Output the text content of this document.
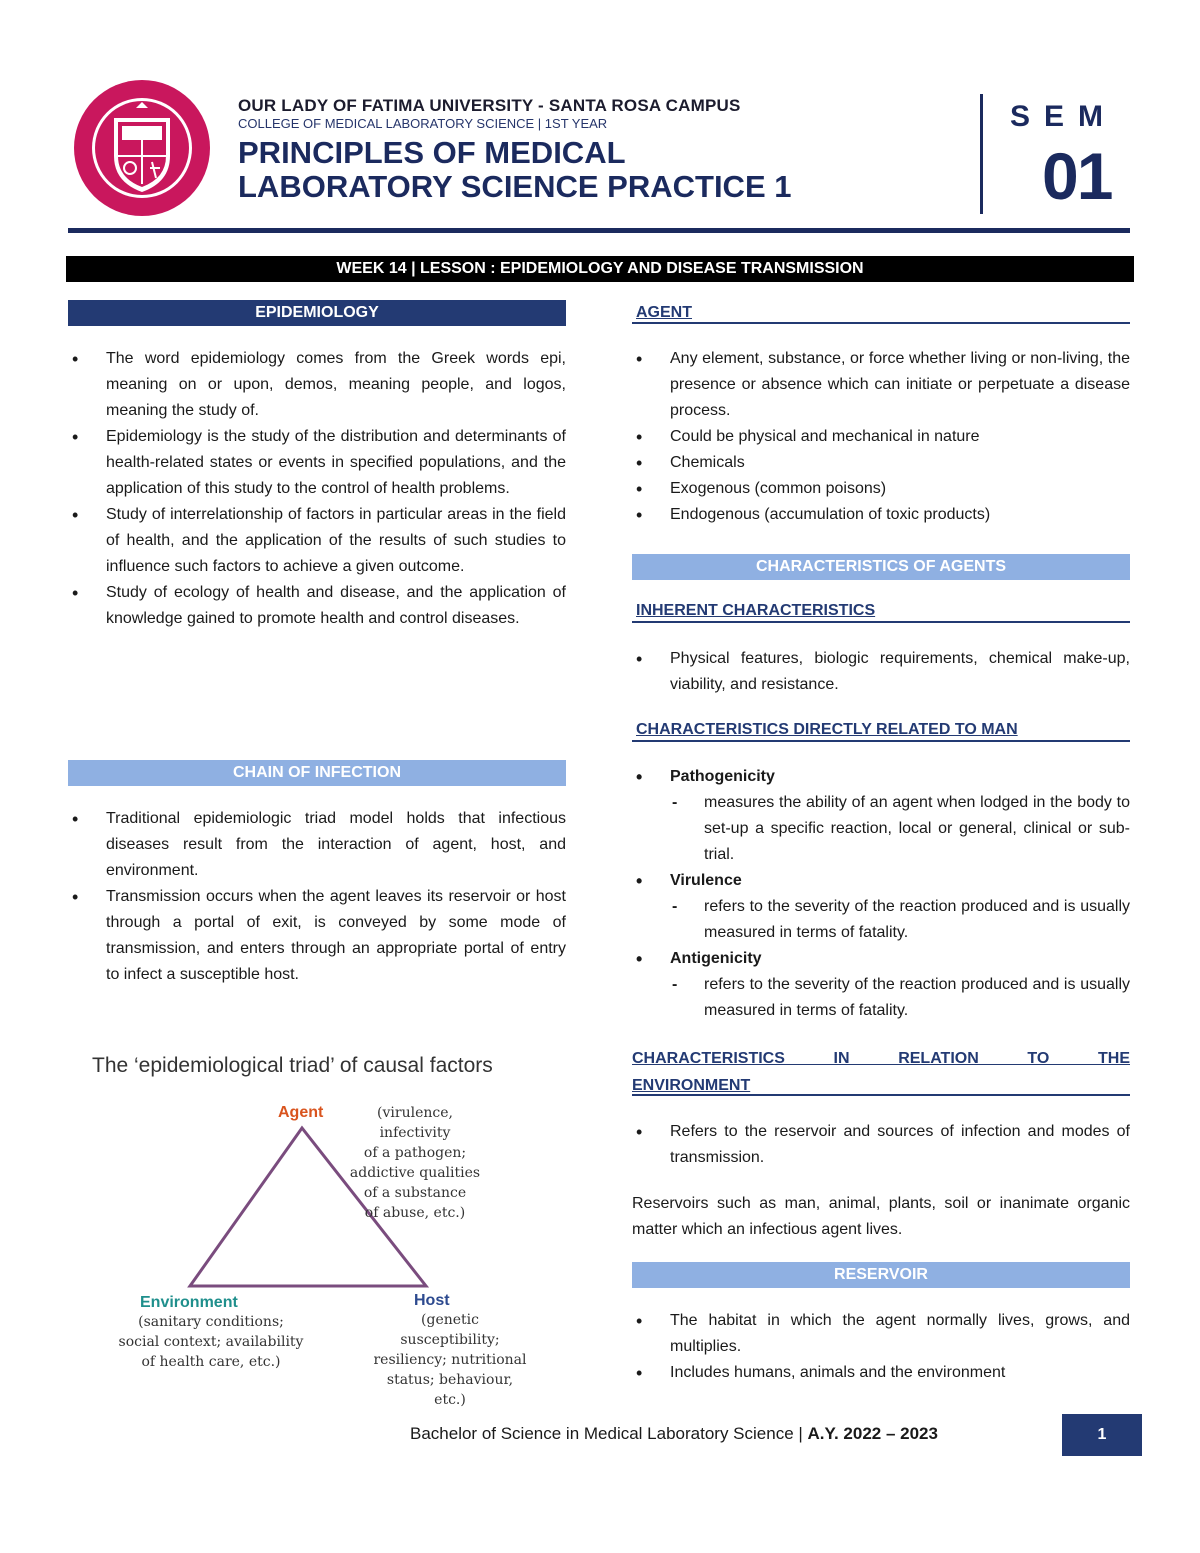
OUR LADY OF FATIMA UNIVERSITY - SANTA ROSA CAMPUS
COLLEGE OF MEDICAL LABORATORY SCIENCE | 1ST YEAR
PRINCIPLES OF MEDICAL
LABORATORY SCIENCE PRACTICE 1
SEM
01
WEEK 14 | LESSON : EPIDEMIOLOGY AND DISEASE TRANSMISSION
EPIDEMIOLOGY
• The word epidemiology comes from the Greek words epi, meaning on or upon, demos, meaning people, and logos, meaning the study of.
• Epidemiology is the study of the distribution and determinants of health-related states or events in specified populations, and the application of this study to the control of health problems.
• Study of interrelationship of factors in particular areas in the field of health, and the application of the results of such studies to influence such factors to achieve a given outcome.
• Study of ecology of health and disease, and the application of knowledge gained to promote health and control diseases.
CHAIN OF INFECTION
• Traditional epidemiologic triad model holds that infectious diseases result from the interaction of agent, host, and environment.
• Transmission occurs when the agent leaves its reservoir or host through a portal of exit, is conveyed by some mode of transmission, and enters through an appropriate portal of entry to infect a susceptible host.
The ‘epidemiological triad’ of causal factors
Agent	(virulence, infectivity
of a pathogen;
addictive qualities
of a substance
of abuse, etc.)
Environment
(sanitary conditions;
social context; availability
of health care, etc.)
Host
(genetic susceptibility;
resiliency; nutritional
status; behaviour, etc.)
AGENT
• Any element, substance, or force whether living or non-living, the presence or absence which can initiate or perpetuate a disease process.
• Could be physical and mechanical in nature
• Chemicals
• Exogenous (common poisons)
• Endogenous (accumulation of toxic products)
CHARACTERISTICS OF AGENTS
INHERENT CHARACTERISTICS
• Physical features, biologic requirements, chemical make-up, viability, and resistance.
CHARACTERISTICS DIRECTLY RELATED TO MAN
• Pathogenicity
- measures the ability of an agent when lodged in the body to set-up a specific reaction, local or general, clinical or sub-trial.
• Virulence
- refers to the severity of the reaction produced and is usually measured in terms of fatality.
• Antigenicity
- refers to the severity of the reaction produced and is usually measured in terms of fatality.
CHARACTERISTICS IN RELATION TO THE
ENVIRONMENT
• Refers to the reservoir and sources of infection and modes of transmission.

Reservoirs such as man, animal, plants, soil or inanimate organic matter which an infectious agent lives.

RESERVOIR
• The habitat in which the agent normally lives, grows, and multiplies.
• Includes humans, animals and the environment
Bachelor of Science in Medical Laboratory Science | A.Y. 2022 – 2023	1
